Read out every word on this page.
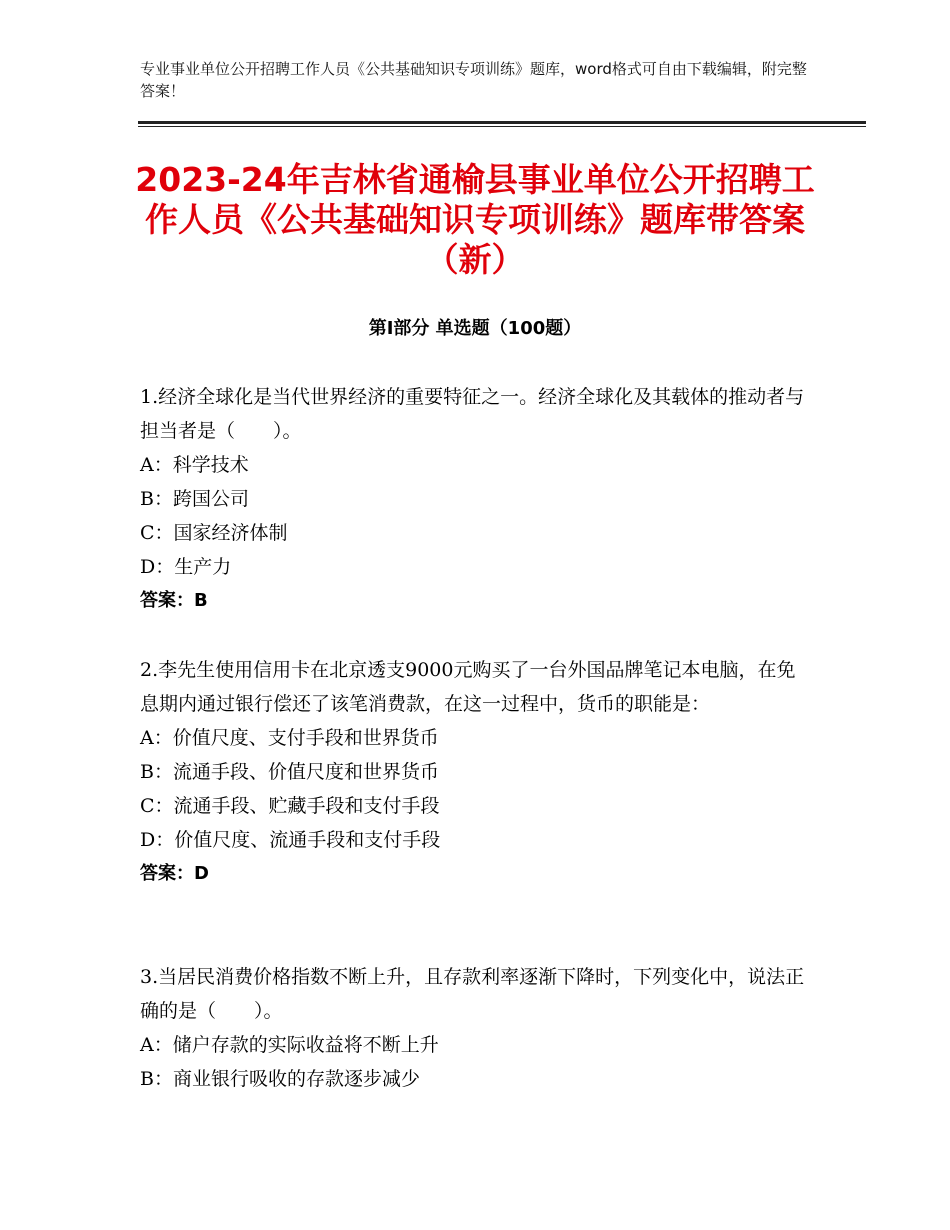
专业事业单位公开招聘工作人员《公共基础知识专项训练》题库，word格式可自由下载编辑，附完整答案！
2023-24年吉林省通榆县事业单位公开招聘工作人员《公共基础知识专项训练》题库带答案（新）
第Ⅰ部分 单选题（100题）

1.经济全球化是当代世界经济的重要特征之一。经济全球化及其载体的推动者与担当者是（　　）。

A：科学技术

B：跨国公司

C：国家经济体制

D：生产力

答案：B

2.李先生使用信用卡在北京透支9000元购买了一台外国品牌笔记本电脑，在免息期内通过银行偿还了该笔消费款，在这一过程中，货币的职能是：

A：价值尺度、支付手段和世界货币

B：流通手段、价值尺度和世界货币

C：流通手段、贮藏手段和支付手段

D：价值尺度、流通手段和支付手段

答案：D

3.当居民消费价格指数不断上升，且存款利率逐渐下降时，下列变化中，说法正确的是（　　）。

A：储户存款的实际收益将不断上升

B：商业银行吸收的存款逐步减少
